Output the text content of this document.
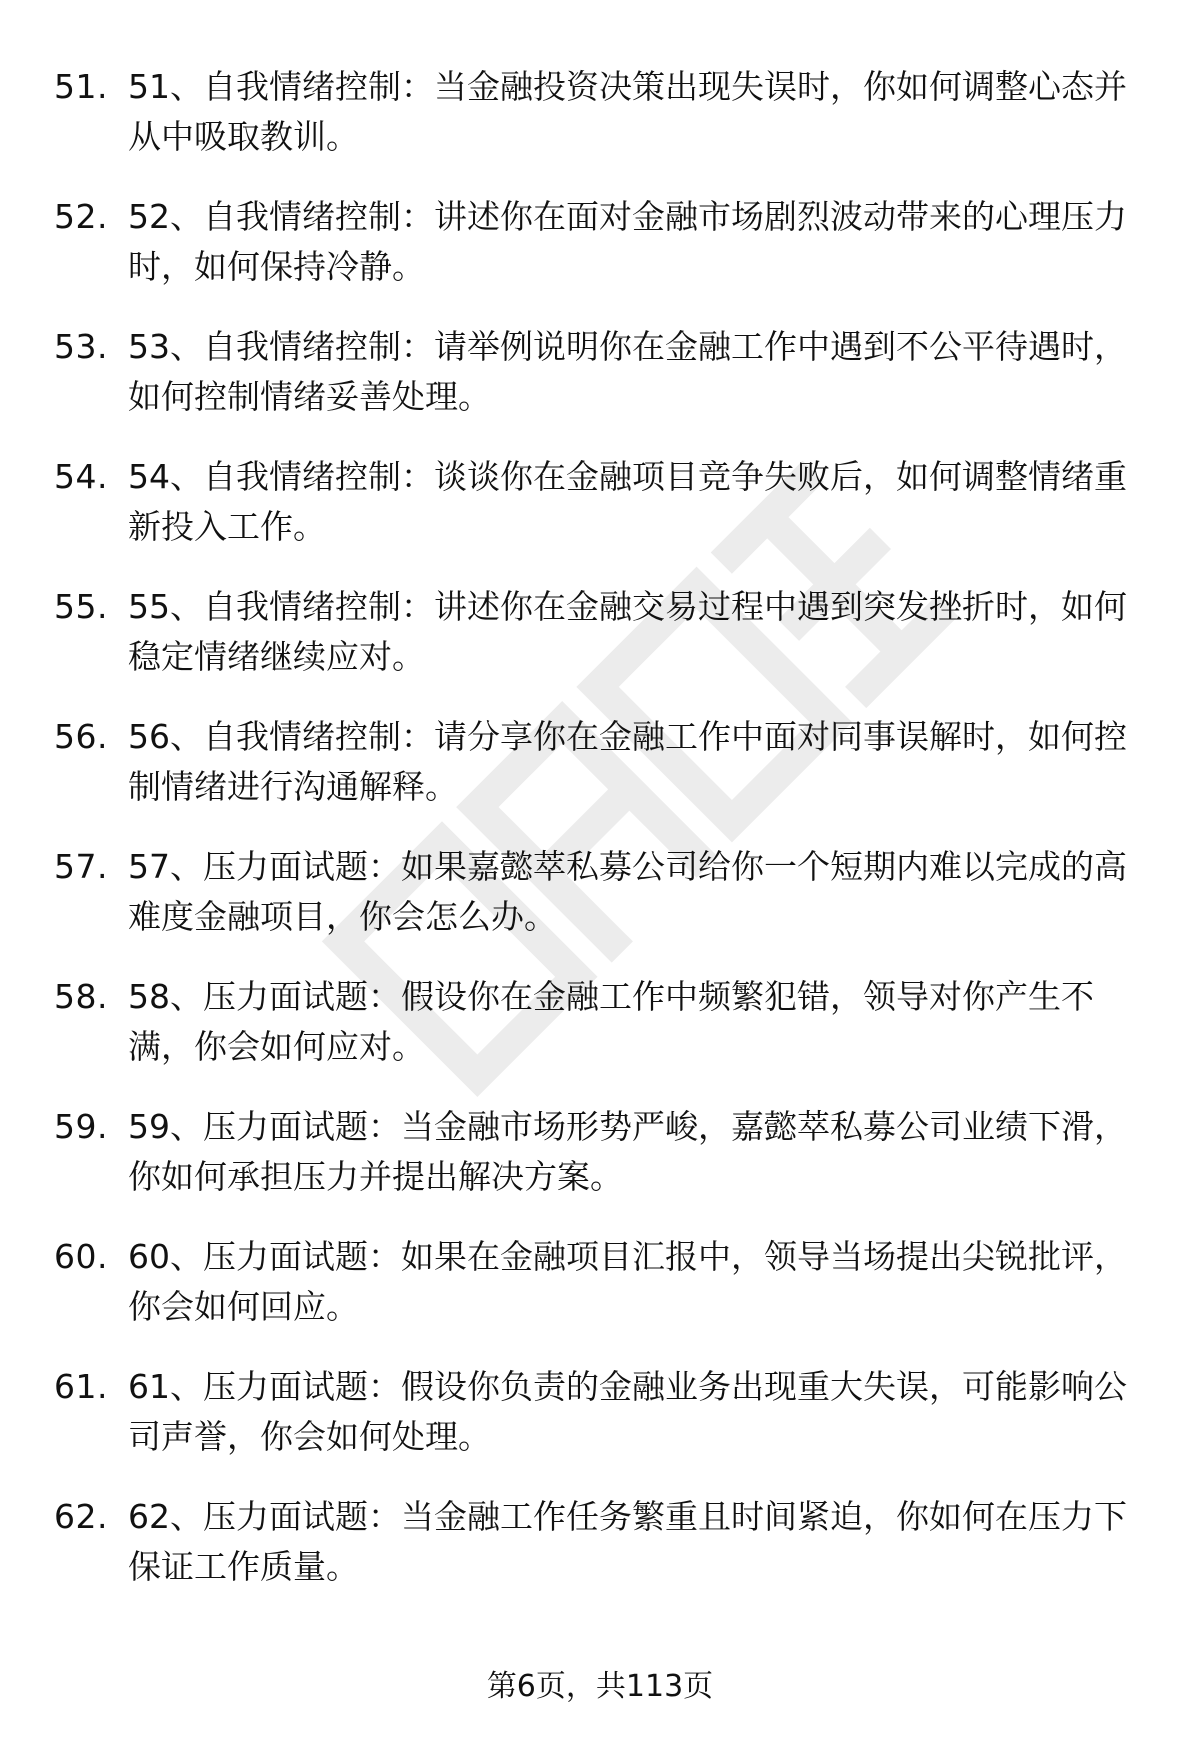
51. 51、自我情绪控制：当金融投资决策出现失误时，你如何调整心态并从中吸取教训。

52. 52、自我情绪控制：讲述你在面对金融市场剧烈波动带来的心理压力时，如何保持冷静。

53. 53、自我情绪控制：请举例说明你在金融工作中遇到不公平待遇时，如何控制情绪妥善处理。

54. 54、自我情绪控制：谈谈你在金融项目竞争失败后，如何调整情绪重新投入工作。

55. 55、自我情绪控制：讲述你在金融交易过程中遇到突发挫折时，如何稳定情绪继续应对。

56. 56、自我情绪控制：请分享你在金融工作中面对同事误解时，如何控制情绪进行沟通解释。

57. 57、压力面试题：如果嘉懿萃私募公司给你一个短期内难以完成的高难度金融项目，你会怎么办。

58. 58、压力面试题：假设你在金融工作中频繁犯错，领导对你产生不满，你会如何应对。

59. 59、压力面试题：当金融市场形势严峻，嘉懿萃私募公司业绩下滑，你如何承担压力并提出解决方案。

60. 60、压力面试题：如果在金融项目汇报中，领导当场提出尖锐批评，你会如何回应。

61. 61、压力面试题：假设你负责的金融业务出现重大失误，可能影响公司声誉，你会如何处理。

62. 62、压力面试题：当金融工作任务繁重且时间紧迫，你如何在压力下保证工作质量。

第6页，共113页
